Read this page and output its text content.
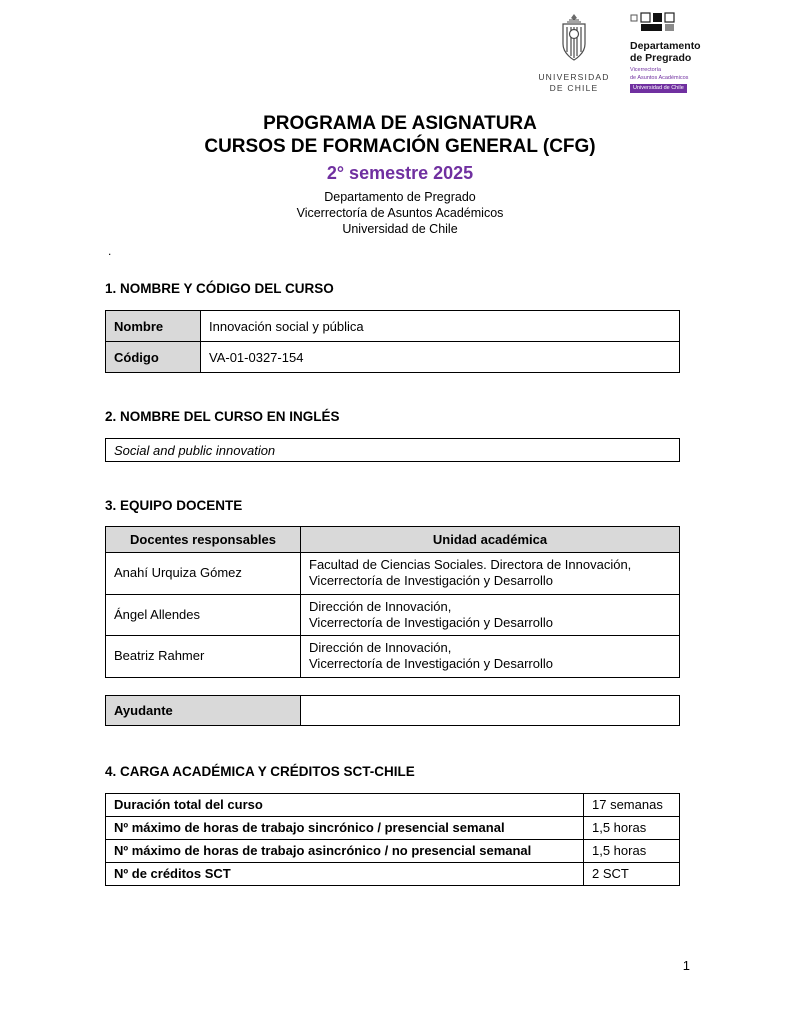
UNIVERSIDAD
DE CHILE
Departamento
de Pregrado
Vicerrectoría
de Asuntos Académicos
Universidad de Chile
PROGRAMA DE ASIGNATURA
CURSOS DE FORMACIÓN GENERAL (CFG)
2° semestre 2025
Departamento de Pregrado
Vicerrectoría de Asuntos Académicos
Universidad de Chile
.
1. NOMBRE Y CÓDIGO DEL CURSO
Nombre	Innovación social y pública
Código	VA-01-0327-154
2. NOMBRE DEL CURSO EN INGLÉS
Social and public innovation
3. EQUIPO DOCENTE
Docentes responsables	Unidad académica
Anahí Urquiza Gómez	Facultad de Ciencias Sociales. Directora de Innovación,
Vicerrectoría de Investigación y Desarrollo

Ángel Allendes	Dirección de Innovación,
Vicerrectoría de Investigación y Desarrollo

Beatriz Rahmer	Dirección de Innovación,
Vicerrectoría de Investigación y Desarrollo
Ayudante	
4. CARGA ACADÉMICA Y CRÉDITOS SCT-CHILE
Duración total del curso	17 semanas
Nº máximo de horas de trabajo sincrónico / presencial semanal	1,5 horas
Nº máximo de horas de trabajo asincrónico / no presencial semanal	1,5 horas
Nº de créditos SCT	2 SCT
1
